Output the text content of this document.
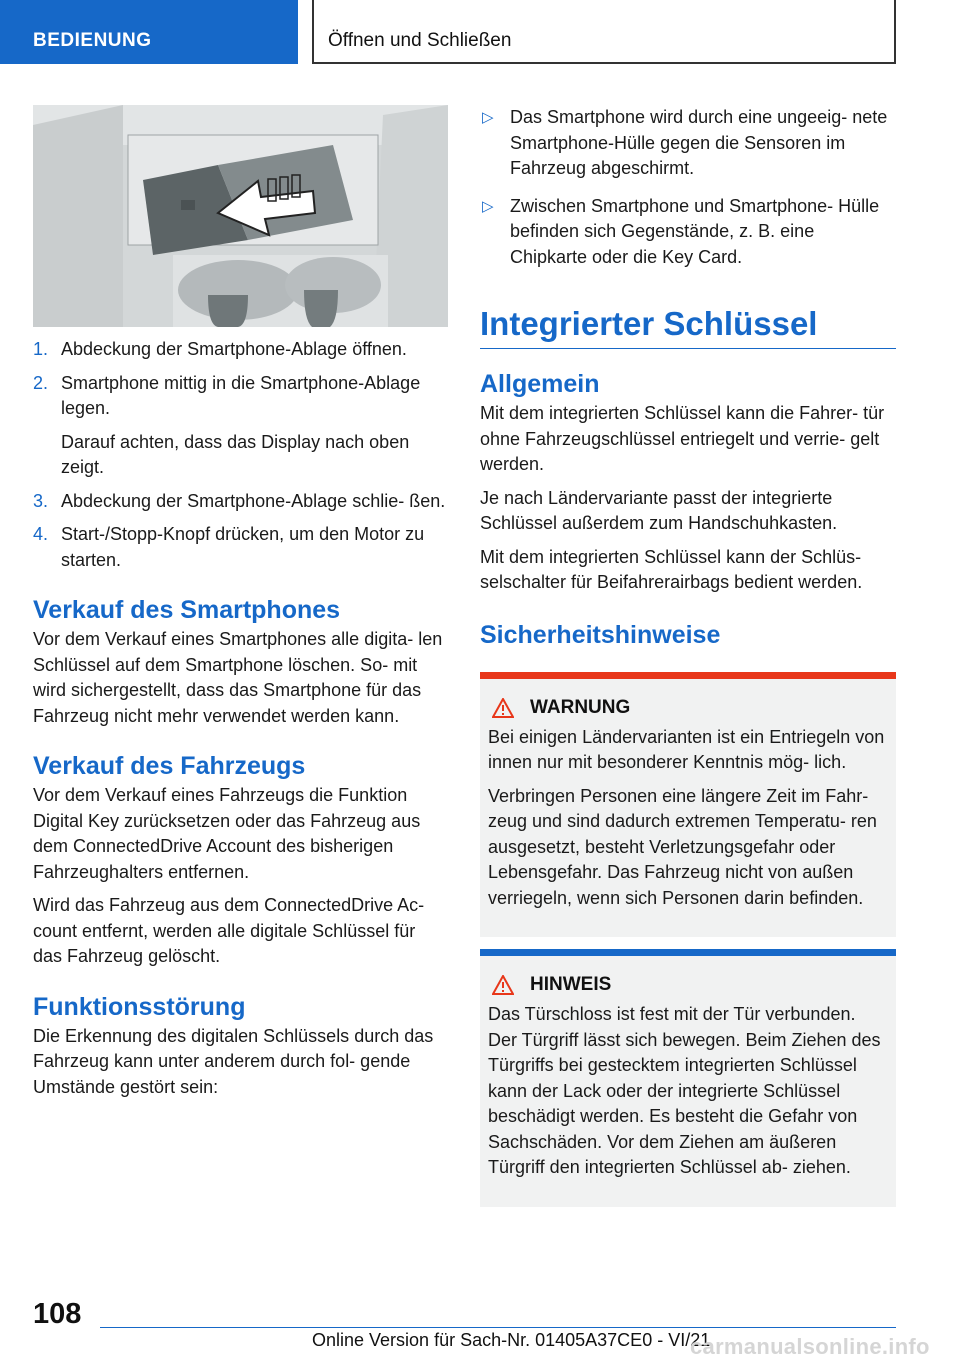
BEDIENUNG	Öffnen und Schließen
1. Abdeckung der Smartphone-Ablage öffnen.
2. Smartphone mittig in die Smartphone-Ablage legen.
Darauf achten, dass das Display nach oben zeigt.
3. Abdeckung der Smartphone-Ablage schlie‐ ßen.
4. Start-/Stopp-Knopf drücken, um den Motor zu starten.
Verkauf des Smartphones

Vor dem Verkauf eines Smartphones alle digita‐ len Schlüssel auf dem Smartphone löschen. So‐ mit wird sichergestellt, dass das Smartphone für das Fahrzeug nicht mehr verwendet werden kann.

Verkauf des Fahrzeugs

Vor dem Verkauf eines Fahrzeugs die Funktion Digital Key zurücksetzen oder das Fahrzeug aus dem ConnectedDrive Account des bisherigen Fahrzeughalters entfernen.

Wird das Fahrzeug aus dem ConnectedDrive Ac‐ count entfernt, werden alle digitale Schlüssel für das Fahrzeug gelöscht.

Funktionsstörung

Die Erkennung des digitalen Schlüssels durch das Fahrzeug kann unter anderem durch fol‐ gende Umstände gestört sein:

▷ Das Smartphone wird durch eine ungeeig‐ nete Smartphone-Hülle gegen die Sensoren im Fahrzeug abgeschirmt.
▷ Zwischen Smartphone und Smartphone- Hülle befinden sich Gegenstände, z. B. eine Chipkarte oder die Key Card.
Integrierter Schlüssel
Allgemein

Mit dem integrierten Schlüssel kann die Fahrer‐ tür ohne Fahrzeugschlüssel entriegelt und verrie‐ gelt werden.

Je nach Ländervariante passt der integrierte Schlüssel außerdem zum Handschuhkasten.

Mit dem integrierten Schlüssel kann der Schlüs‐ selschalter für Beifahrerairbags bedient werden.

Sicherheitshinweise
WARNUNG

Bei einigen Ländervarianten ist ein Entriegeln von innen nur mit besonderer Kenntnis mög‐ lich.

Verbringen Personen eine längere Zeit im Fahr‐ zeug und sind dadurch extremen Temperatu‐ ren ausgesetzt, besteht Verletzungsgefahr oder Lebensgefahr. Das Fahrzeug nicht von außen verriegeln, wenn sich Personen darin befinden.

HINWEIS

Das Türschloss ist fest mit der Tür verbunden. Der Türgriff lässt sich bewegen. Beim Ziehen des Türgriffs bei gestecktem integrierten Schlüssel kann der Lack oder der integrierte Schlüssel beschädigt werden. Es besteht die Gefahr von Sachschäden. Vor dem Ziehen am äußeren Türgriff den integrierten Schlüssel ab‐ ziehen.

108
Online Version für Sach-Nr. 01405A37CE0 - VI/21
carmanualsonline.info
